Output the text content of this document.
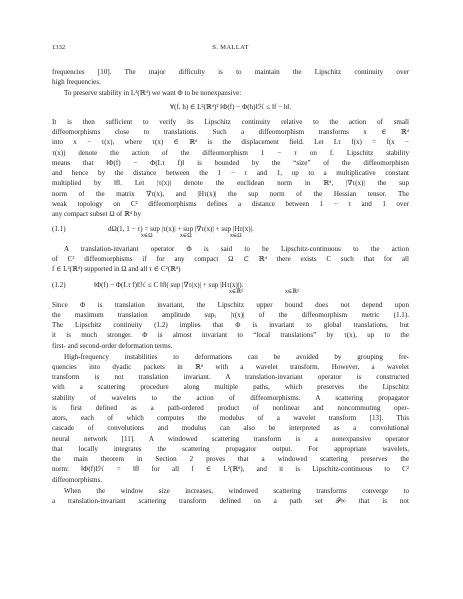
1332	S. MALLAT
frequencies [10]. The major difficulty is to maintain the Lipschitz continuity over
high frequencies.
To preserve stability in L²(ℝᵈ) we want Φ to be nonexpansive:
∀(f, h) ∈ L²(ℝᵈ)² ‖Φ(f) − Φ(h)‖ℋ ≤ ‖f − h‖.
It is then sufficient to verify its Lipschitz continuity relative to the action of small
diffeomorphisms close to translations. Such a diffeomorphism transforms x ∈ ℝᵈ
into x − τ(x), where τ(x) ∈ ℝᵈ is the displacement field. Let Lτ f(x) = f(x −
τ(x)) denote the action of the diffeomorphism 1 − τ on f. Lipschitz stability
means that ‖Φ(f) − Φ(Lτ f)‖ is bounded by the “size” of the diffeomorphism
and hence by the distance between the 1 − τ and 1, up to a multiplicative constant
multiplied by ‖f‖. Let |τ(x)| denote the euclidean norm in ℝᵈ, |∇τ(x)| the sup
norm of the matrix ∇τ(x), and |Hτ(x)| the sup norm of the Hessian tensor. The
weak topology on C² diffeomorphisms defines a distance between 1 − τ and 1 over
any compact subset Ω of ℝᵈ by
(1.1)	dΩ(1, 1 − τ) = sup |τ(x)| + sup |∇τ(x)| + sup |Hτ(x)|.
x∈Ω	x∈Ω	x∈Ω
A translation-invariant operator Φ is said to be Lipschitz-continuous to the action
of C² diffeomorphisms if for any compact Ω ⊂ ℝᵈ there exists C such that for all
f ∈ L²(ℝᵈ) supported in Ω and all τ ∈ C²(ℝᵈ)
(1.2)	‖Φ(f) − Φ(Lτ f)‖ℋ ≤ C ‖f‖( sup |∇τ(x)| + sup |Hτ(x)|).
x∈ℝᵈ	x∈ℝᵈ
Since Φ is translation invariant, the Lipschitz upper bound does not depend upon
the maximum translation amplitude supₓ |τ(x)| of the diffeomorphism metric (1.1).
The Lipschitz continuity (1.2) implies that Φ is invariant to global translations, but
it is much stronger. Φ is almost invariant to “local translations” by τ(x), up to the
first- and second-order deformation terms.
High-frequency instabilities to deformations can be avoided by grouping fre-
quencies into dyadic packets in ℝᵈ with a wavelet transform. However, a wavelet
transform is not translation invariant. A translation-invariant operator is constructed
with a scattering procedure along multiple paths, which preserves the Lipschitz
stability of wavelets to the action of diffeomorphisms. A scattering propagator
is first defined as a path-ordered product of nonlinear and noncommuting oper-
ators, each of which computes the modulus of a wavelet transform [13]. This
cascade of convolutions and modulus can also be interpreted as a convolutional
neural network [11]. A windowed scattering transform is a nonexpansive operator
that locally integrates the scattering propagator output. For appropriate wavelets,
the main theorem in Section 2 proves that a windowed scattering preserves the
norm: ‖Φ(f)‖ℋ = ‖f‖ for all f ∈ L²(ℝᵈ), and it is Lipschitz-continuous to C²
diffeomorphisms.
When the window size increases, windowed scattering transforms converge to
a translation-invariant scattering transform defined on a path set 𝒫∞ that is not
